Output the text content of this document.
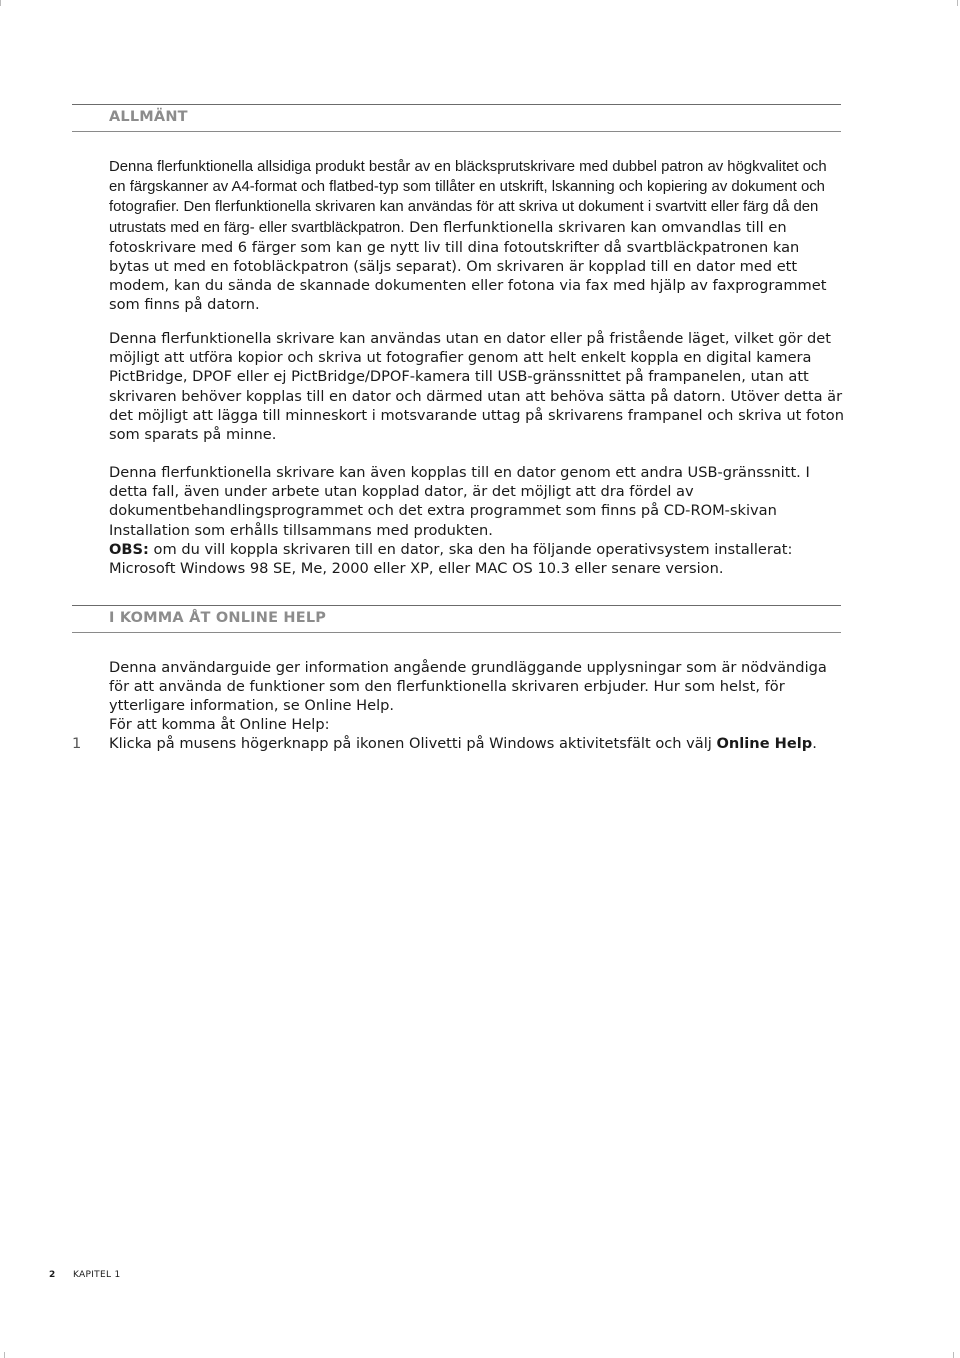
ALLMÄNT

Denna flerfunktionella allsidiga produkt består av en bläcksprutskrivare med dubbel patron av högkvalitet och en färgskanner av A4-format och flatbed-typ som tillåter en utskrift, lskanning och kopiering av dokument och fotografier. Den flerfunktionella skrivaren kan användas för att skriva ut dokument i svartvitt eller färg då den utrustats med en färg- eller svartbläckpatron. Den flerfunktionella skrivaren kan omvandlas till en fotoskrivare med 6 färger som kan ge nytt liv till dina fotoutskrifter då svartbläckpatronen kan bytas ut med en fotobläckpatron (säljs separat). Om skrivaren är kopplad till en dator med ett modem, kan du sända de skannade dokumenten eller fotona via fax med hjälp av faxprogrammet som finns på datorn.

Denna flerfunktionella skrivare kan användas utan en dator eller på fristående läget, vilket gör det möjligt att utföra kopior och skriva ut fotografier genom att helt enkelt koppla en digital kamera PictBridge, DPOF eller ej PictBridge/DPOF-kamera till USB-gränssnittet på frampanelen, utan att skrivaren behöver kopplas till en dator och därmed utan att behöva sätta på datorn. Utöver detta är det möjligt att lägga till minneskort i motsvarande uttag på skrivarens frampanel och skriva ut foton som sparats på minne.

Denna flerfunktionella skrivare kan även kopplas till en dator genom ett andra USB-gränssnitt. I detta fall, även under arbete utan kopplad dator, är det möjligt att dra fördel av dokumentbehandlingsprogrammet och det extra programmet som finns på CD-ROM-skivan Installation som erhålls tillsammans med produkten.

OBS: om du vill koppla skrivaren till en dator, ska den ha följande operativsystem installerat: Microsoft Windows 98 SE, Me, 2000 eller XP, eller MAC OS 10.3 eller senare version.

I KOMMA ÅT ONLINE HELP

Denna användarguide ger information angående grundläggande upplysningar som är nödvändiga för att använda de funktioner som den flerfunktionella skrivaren erbjuder. Hur som helst, för ytterligare information, se Online Help.

För att komma åt Online Help:

1 Klicka på musens högerknapp på ikonen Olivetti på Windows aktivitetsfält och välj Online Help.

2 KAPITEL 1
